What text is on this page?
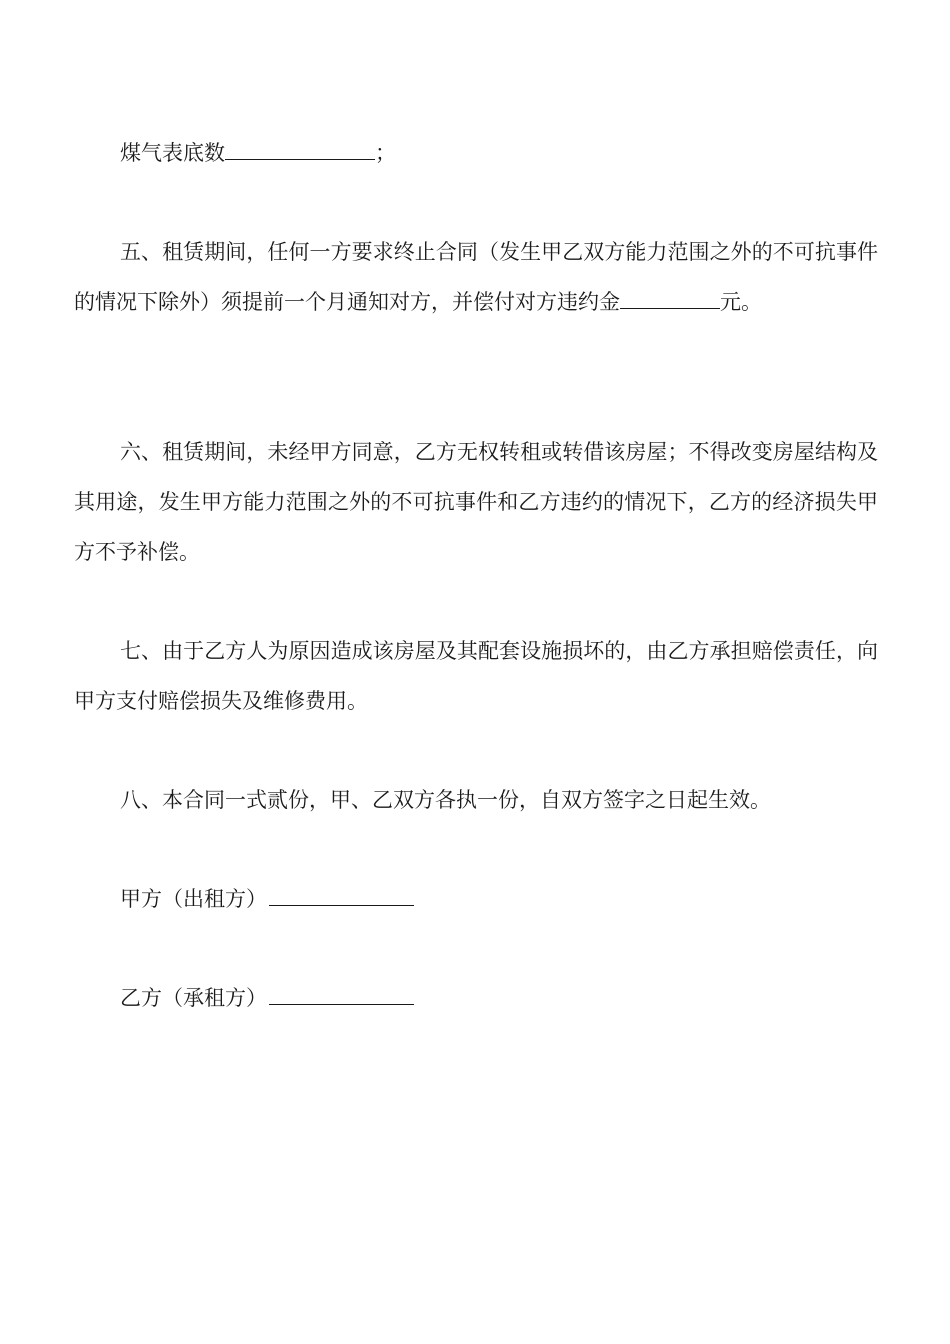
煤气表底数	；

五、租赁期间，任何一方要求终止合同（发生甲乙双方能力范围之外的不可抗事件的情况下除外）须提前一个月通知对方，并偿付对方违约金	元。

六、租赁期间，未经甲方同意，乙方无权转租或转借该房屋；不得改变房屋结构及其用途，发生甲方能力范围之外的不可抗事件和乙方违约的情况下，乙方的经济损失甲方不予补偿。

七、由于乙方人为原因造成该房屋及其配套设施损坏的，由乙方承担赔偿责任，向甲方支付赔偿损失及维修费用。

八、本合同一式贰份，甲、乙双方各执一份，自双方签字之日起生效。

甲方（出租方）

乙方（承租方）
